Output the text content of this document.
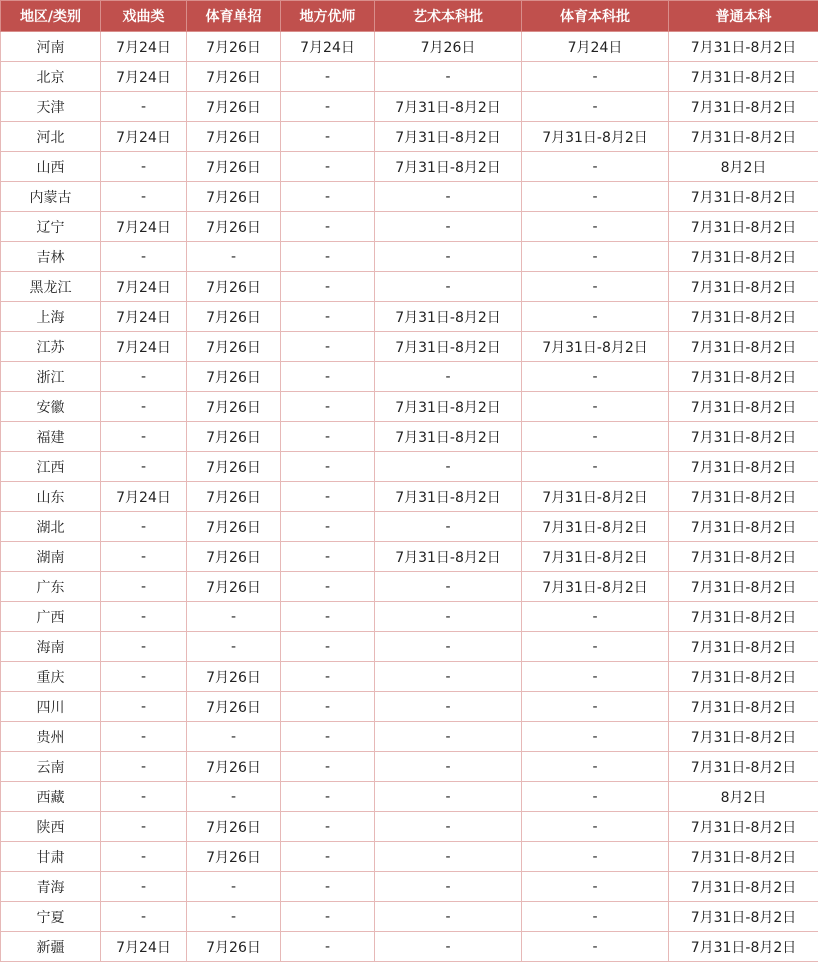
地区/类别	戏曲类	体育单招	地方优师	艺术本科批	体育本科批	普通本科
河南	7月24日	7月26日	7月24日	7月26日	7月24日	7月31日-8月2日
北京	7月24日	7月26日	-	-	-	7月31日-8月2日
天津	-	7月26日	-	7月31日-8月2日	-	7月31日-8月2日
河北	7月24日	7月26日	-	7月31日-8月2日	7月31日-8月2日	7月31日-8月2日
山西	-	7月26日	-	7月31日-8月2日	-	8月2日
内蒙古	-	7月26日	-	-	-	7月31日-8月2日
辽宁	7月24日	7月26日	-	-	-	7月31日-8月2日
吉林	-	-	-	-	-	7月31日-8月2日
黑龙江	7月24日	7月26日	-	-	-	7月31日-8月2日
上海	7月24日	7月26日	-	7月31日-8月2日	-	7月31日-8月2日
江苏	7月24日	7月26日	-	7月31日-8月2日	7月31日-8月2日	7月31日-8月2日
浙江	-	7月26日	-	-	-	7月31日-8月2日
安徽	-	7月26日	-	7月31日-8月2日	-	7月31日-8月2日
福建	-	7月26日	-	7月31日-8月2日	-	7月31日-8月2日
江西	-	7月26日	-	-	-	7月31日-8月2日
山东	7月24日	7月26日	-	7月31日-8月2日	7月31日-8月2日	7月31日-8月2日
湖北	-	7月26日	-	-	7月31日-8月2日	7月31日-8月2日
湖南	-	7月26日	-	7月31日-8月2日	7月31日-8月2日	7月31日-8月2日
广东	-	7月26日	-	-	7月31日-8月2日	7月31日-8月2日
广西	-	-	-	-	-	7月31日-8月2日
海南	-	-	-	-	-	7月31日-8月2日
重庆	-	7月26日	-	-	-	7月31日-8月2日
四川	-	7月26日	-	-	-	7月31日-8月2日
贵州	-	-	-	-	-	7月31日-8月2日
云南	-	7月26日	-	-	-	7月31日-8月2日
西藏	-	-	-	-	-	8月2日
陕西	-	7月26日	-	-	-	7月31日-8月2日
甘肃	-	7月26日	-	-	-	7月31日-8月2日
青海	-	-	-	-	-	7月31日-8月2日
宁夏	-	-	-	-	-	7月31日-8月2日
新疆	7月24日	7月26日	-	-	-	7月31日-8月2日
